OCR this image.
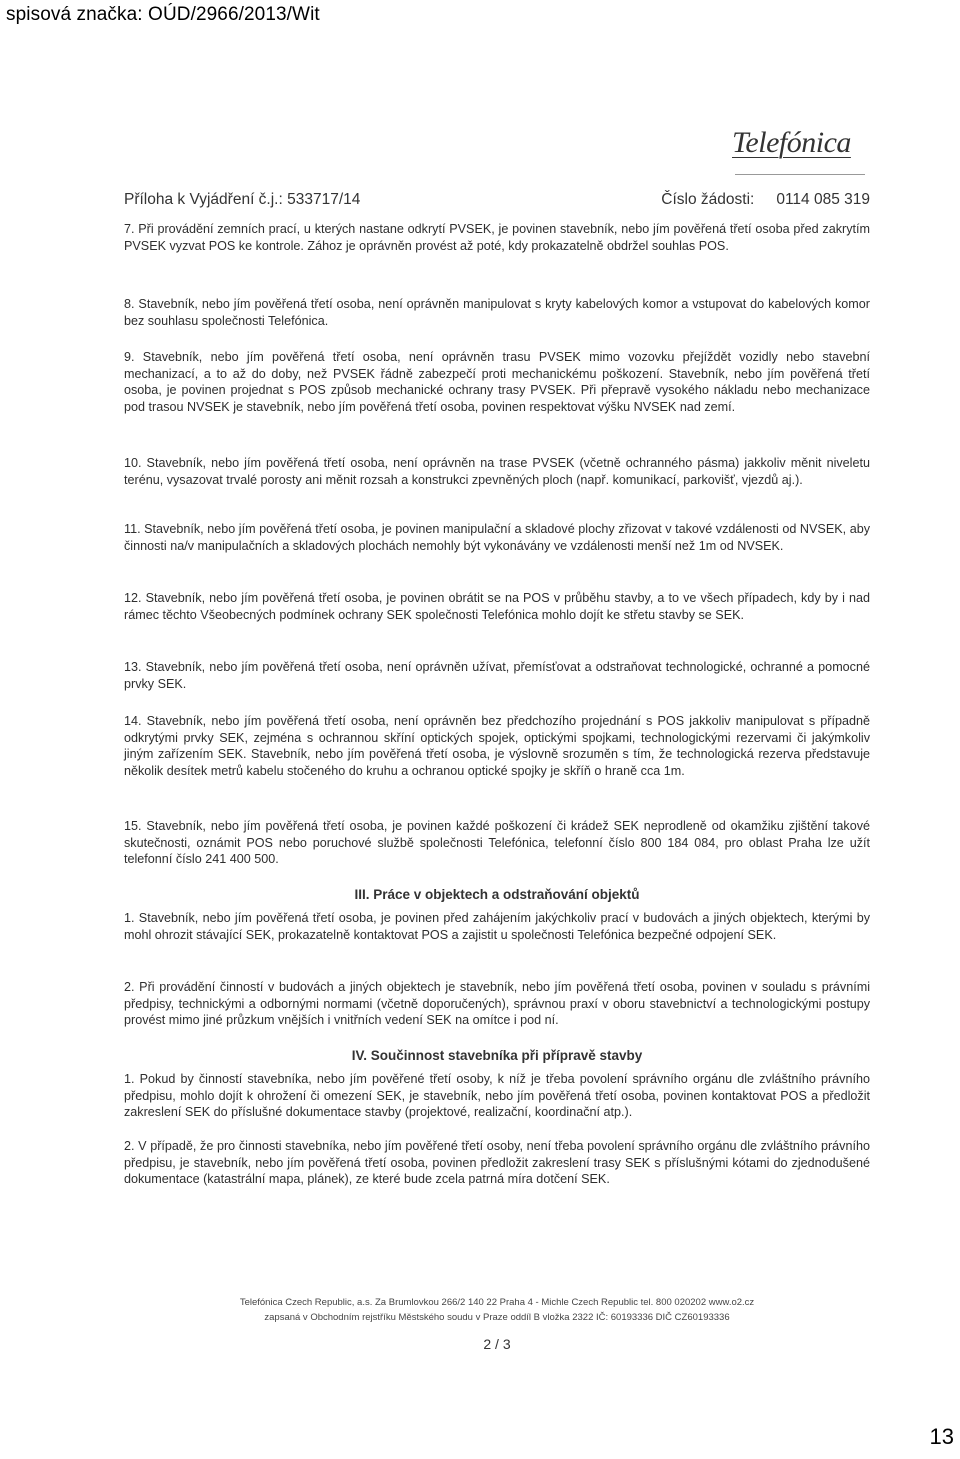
spisová značka: OÚD/2966/2013/Wit
Telefónica
Příloha k Vyjádření č.j.: 533717/14	Číslo žádosti: 0114 085 319
7. Při provádění zemních prací, u kterých nastane odkrytí PVSEK, je povinen stavebník, nebo jím pověřená třetí osoba před zakrytím PVSEK vyzvat POS ke kontrole. Zához je oprávněn provést až poté, kdy prokazatelně obdržel souhlas POS.
8. Stavebník, nebo jím pověřená třetí osoba, není oprávněn manipulovat s kryty kabelových komor a vstupovat do kabelových komor bez souhlasu společnosti Telefónica.
9. Stavebník, nebo jím pověřená třetí osoba, není oprávněn trasu PVSEK mimo vozovku přejíždět vozidly nebo stavební mechanizací, a to až do doby, než PVSEK řádně zabezpečí proti mechanickému poškození. Stavebník, nebo jím pověřená třetí osoba, je povinen projednat s POS způsob mechanické ochrany trasy PVSEK. Při přepravě vysokého nákladu nebo mechanizace pod trasou NVSEK je stavebník, nebo jím pověřená třetí osoba, povinen respektovat výšku NVSEK nad zemí.
10. Stavebník, nebo jím pověřená třetí osoba, není oprávněn na trase PVSEK (včetně ochranného pásma) jakkoliv měnit niveletu terénu, vysazovat trvalé porosty ani měnit rozsah a konstrukci zpevněných ploch (např. komunikací, parkovišť, vjezdů aj.).
11. Stavebník, nebo jím pověřená třetí osoba, je povinen manipulační a skladové plochy zřizovat v takové vzdálenosti od NVSEK, aby činnosti na/v manipulačních a skladových plochách nemohly být vykonávány ve vzdálenosti menší než 1m od NVSEK.
12. Stavebník, nebo jím pověřená třetí osoba, je povinen obrátit se na POS v průběhu stavby, a to ve všech případech, kdy by i nad rámec těchto Všeobecných podmínek ochrany SEK společnosti Telefónica mohlo dojít ke střetu stavby se SEK.
13. Stavebník, nebo jím pověřená třetí osoba, není oprávněn užívat, přemísťovat a odstraňovat technologické, ochranné a pomocné prvky SEK.
14. Stavebník, nebo jím pověřená třetí osoba, není oprávněn bez předchozího projednání s POS jakkoliv manipulovat s případně odkrytými prvky SEK, zejména s ochrannou skříní optických spojek, optickými spojkami, technologickými rezervami či jakýmkoliv jiným zařízením SEK. Stavebník, nebo jím pověřená třetí osoba, je výslovně srozuměn s tím, že technologická rezerva představuje několik desítek metrů kabelu stočeného do kruhu a ochranou optické spojky je skříň o hraně cca 1m.
15. Stavebník, nebo jím pověřená třetí osoba, je povinen každé poškození či krádež SEK neprodleně od okamžiku zjištění takové skutečnosti, oznámit POS nebo poruchové službě společnosti Telefónica, telefonní číslo 800 184 084, pro oblast Praha lze užít telefonní číslo 241 400 500.
III. Práce v objektech a odstraňování objektů
1. Stavebník, nebo jím pověřená třetí osoba, je povinen před zahájením jakýchkoliv prací v budovách a jiných objektech, kterými by mohl ohrozit stávající SEK, prokazatelně kontaktovat POS a zajistit u společnosti Telefónica bezpečné odpojení SEK.
2. Při provádění činností v budovách a jiných objektech je stavebník, nebo jím pověřená třetí osoba, povinen v souladu s právními předpisy, technickými a odbornými normami (včetně doporučených), správnou praxí v oboru stavebnictví a technologickými postupy provést mimo jiné průzkum vnějších i vnitřních vedení SEK na omítce i pod ní.
IV. Součinnost stavebníka při přípravě stavby
1. Pokud by činností stavebníka, nebo jím pověřené třetí osoby, k níž je třeba povolení správního orgánu dle zvláštního právního předpisu, mohlo dojít k ohrožení či omezení SEK, je stavebník, nebo jím pověřená třetí osoba, povinen kontaktovat POS a předložit zakreslení SEK do příslušné dokumentace stavby (projektové, realizační, koordinační atp.).
2. V případě, že pro činnosti stavebníka, nebo jím pověřené třetí osoby, není třeba povolení správního orgánu dle zvláštního právního předpisu, je stavebník, nebo jím pověřená třetí osoba, povinen předložit zakreslení trasy SEK s příslušnými kótami do zjednodušené dokumentace (katastrální mapa, plánek), ze které bude zcela patrná míra dotčení SEK.
Telefónica Czech Republic, a.s. Za Brumlovkou 266/2 140 22 Praha 4 - Michle Czech Republic tel. 800 020202 www.o2.cz
zapsaná v Obchodním rejstříku Městského soudu v Praze oddíl B vložka 2322 IČ: 60193336 DIČ CZ60193336
2 / 3
13
